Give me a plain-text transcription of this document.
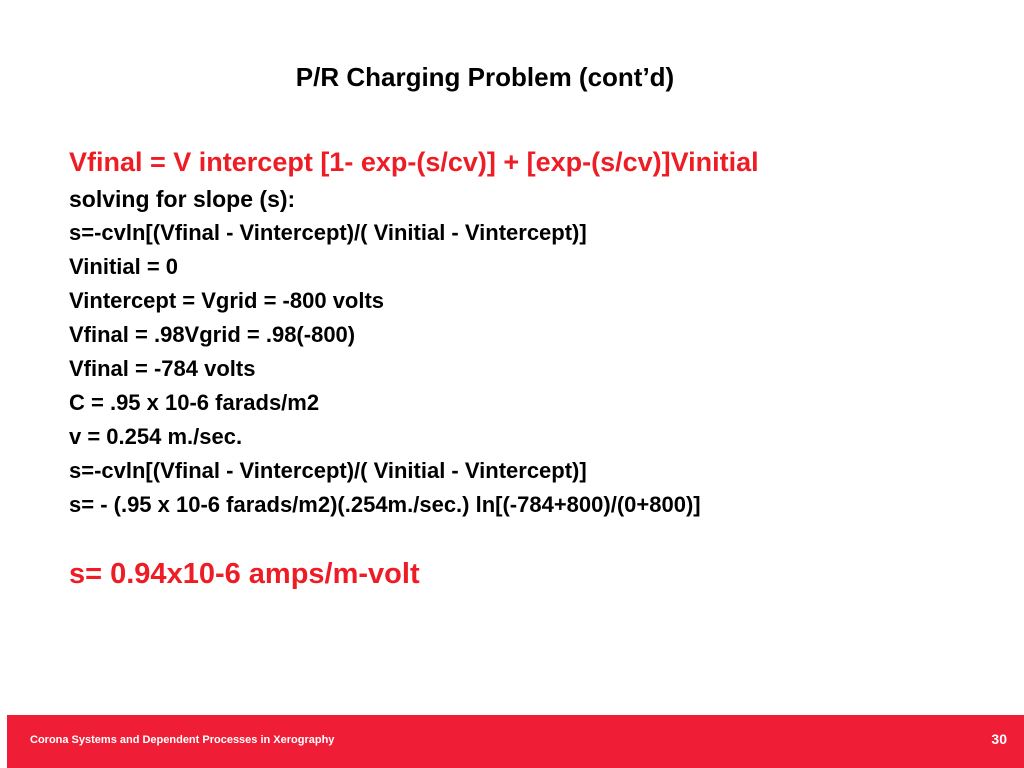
P/R Charging Problem (cont’d)
Vfinal = V intercept [1- exp-(s/cv)] + [exp-(s/cv)]Vinitial
solving for slope (s):
s=-cvln[(Vfinal - Vintercept)/( Vinitial - Vintercept)]
Vinitial = 0
Vintercept = Vgrid = -800 volts
Vfinal = .98Vgrid = .98(-800)
Vfinal = -784 volts
C = .95 x 10-6 farads/m2
v = 0.254 m./sec.
s=-cvln[(Vfinal - Vintercept)/( Vinitial - Vintercept)]
s= - (.95 x 10-6 farads/m2)(.254m./sec.) ln[(-784+800)/(0+800)]
s= 0.94x10-6 amps/m-volt
Corona Systems and Dependent Processes in Xerography	30
